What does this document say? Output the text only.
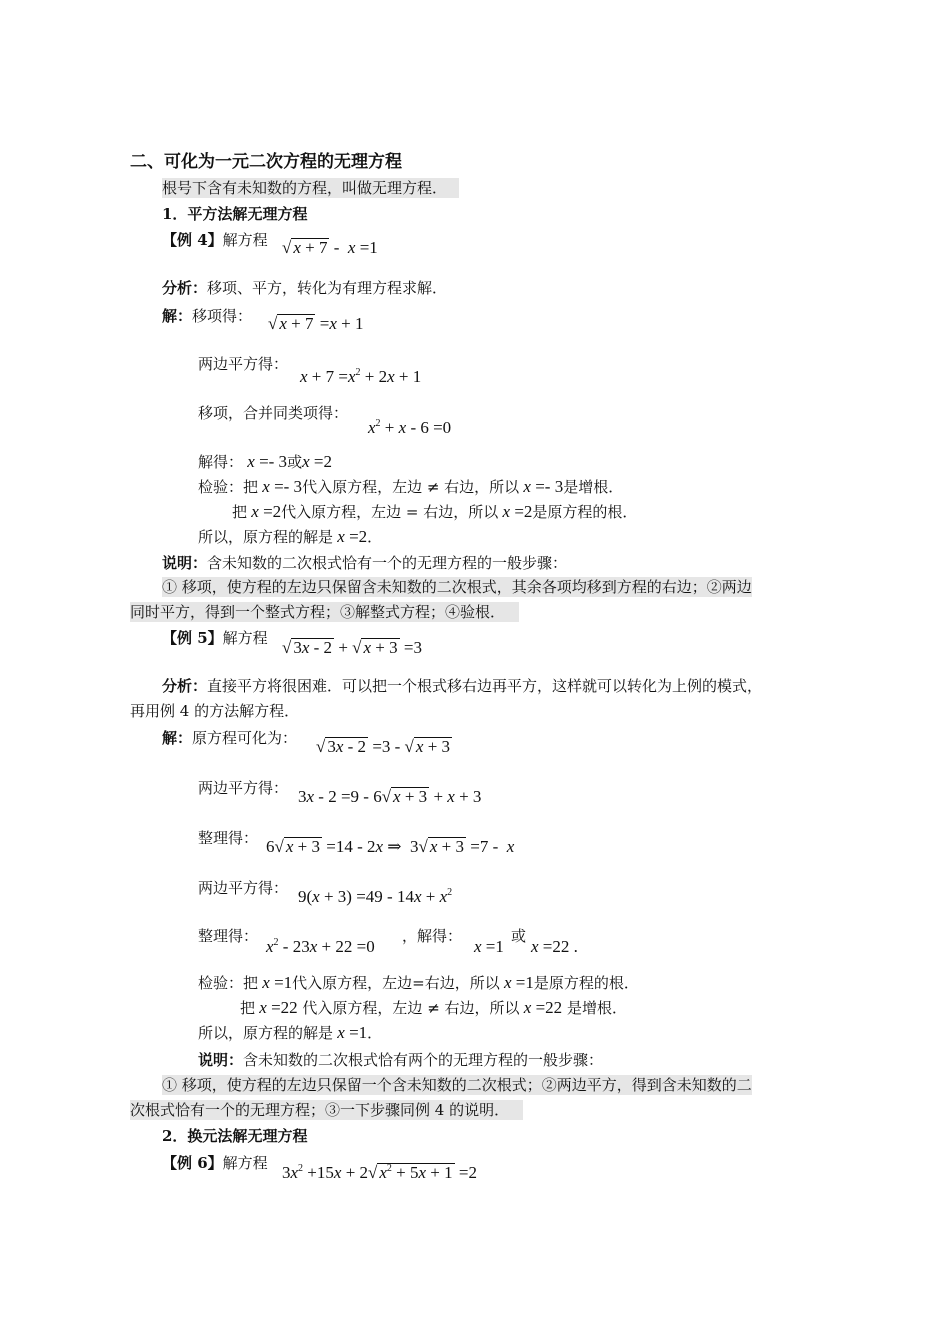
二、可化为一元二次方程的无理方程
根号下含有未知数的方程，叫做无理方程．
1．平方法解无理方程
【例 4】解方程 √ x + 7 -  x =1
分析：移项、平方，转化为有理方程求解．
解：移项得： √ x + 7 =x + 1
两边平方得：
$x + 7 =x^2 + 2x + 1$
移项，合并同类项得：
$x^2 + x - 6 =0$
解得： x =- 3或x =2
检验：把 x =- 3代入原方程，左边 ≠ 右边，所以 x =- 3是增根．
把 x =2代入原方程，左边 = 右边，所以 x =2是原方程的根．
所以，原方程的解是 x =2．
说明：含未知数的二次根式恰有一个的无理方程的一般步骤：
① 移项，使方程的左边只保留含未知数的二次根式，其余各项均移到方程的右边；②两边
同时平方，得到一个整式方程；③解整式方程；④验根．
【例 5】解方程 √ 3x - 2 + √ x + 3 =3
分析：直接平方将很困难．可以把一个根式移右边再平方，这样就可以转化为上例的模式，
再用例 4 的方法解方程．
解：原方程可化为： √ 3x - 2 =3 - √ x + 3
两边平方得： 3x - 2 =9 - 6√ x + 3 + x + 3
整理得： 6√ x + 3 =14 - 2x ⇒  3√ x + 3 =7 -  x
两边平方得： $9(x + 3) =49 - 14x + x^2$
整理得：
$x^2 - 23x + 22 =0$
，解得：
x =1
或
x =22 .
检验：把 x =1代入原方程，左边=右边，所以 x =1是原方程的根．
把 x =22 代入原方程，左边 ≠ 右边，所以 x =22 是增根．
所以，原方程的解是 x =1．
说明：含未知数的二次根式恰有两个的无理方程的一般步骤：
① 移项，使方程的左边只保留一个含未知数的二次根式；②两边平方，得到含未知数的二
次根式恰有一个的无理方程；③一下步骤同例 4 的说明．
2．换元法解无理方程
【例 6】解方程 $3x^2 +15x + 2√$ $x^2 + 5x + 1 =2$
